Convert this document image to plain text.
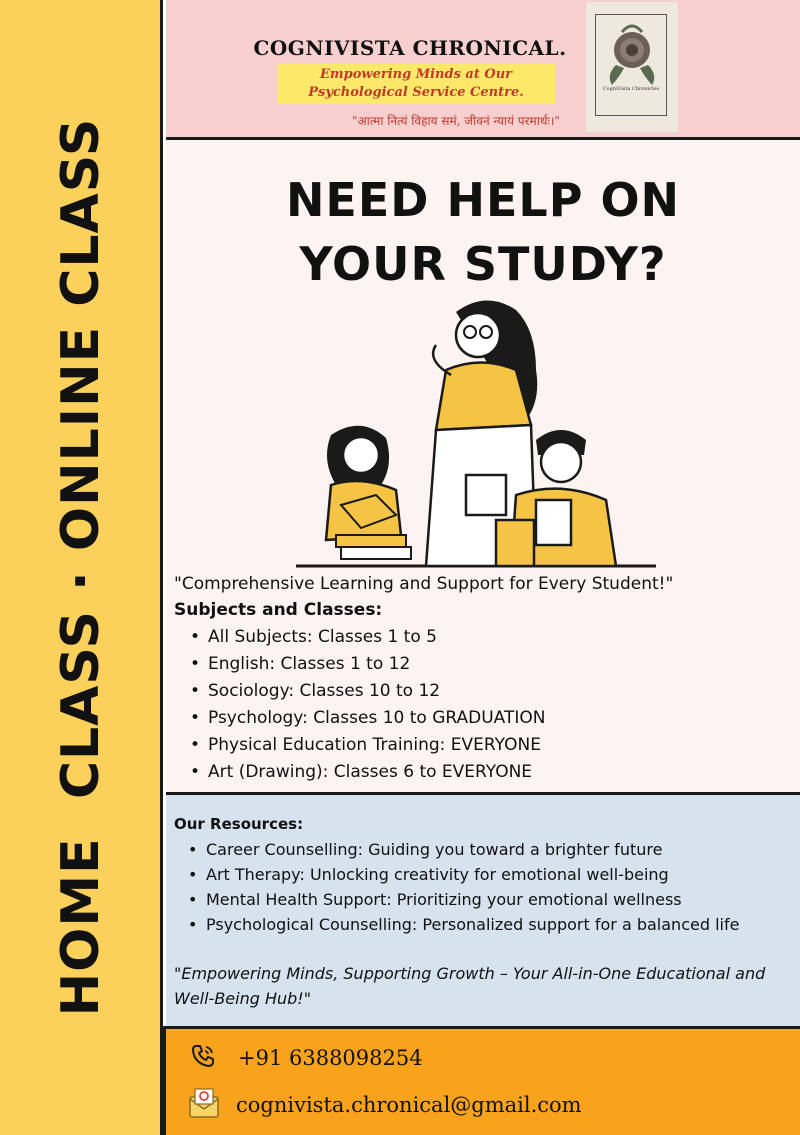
HOME  CLASS · ONLINE CLASS
COGNIVISTA CHRONICAL.
Empowering Minds at Our Psychological Service Centre.
"आत्मा नित्यं विहाय समं, जीवनं न्यायं परमार्थः।"
CogniVista Chronicles
NEED HELP ON
YOUR STUDY?
"Comprehensive Learning and Support for Every Student!"
Subjects and Classes:
• All Subjects: Classes 1 to 5
• English: Classes 1 to 12
• Sociology: Classes 10 to 12
• Psychology: Classes 10 to GRADUATION
• Physical Education Training: EVERYONE
• Art (Drawing): Classes 6 to EVERYONE
Our Resources:
• Career Counselling: Guiding you toward a brighter future
• Art Therapy: Unlocking creativity for emotional well-being
• Mental Health Support: Prioritizing your emotional wellness
• Psychological Counselling: Personalized support for a balanced life
"Empowering Minds, Supporting Growth – Your All-in-One Educational and Well-Being Hub!"
+91 6388098254
cognivista.chronical@gmail.com
